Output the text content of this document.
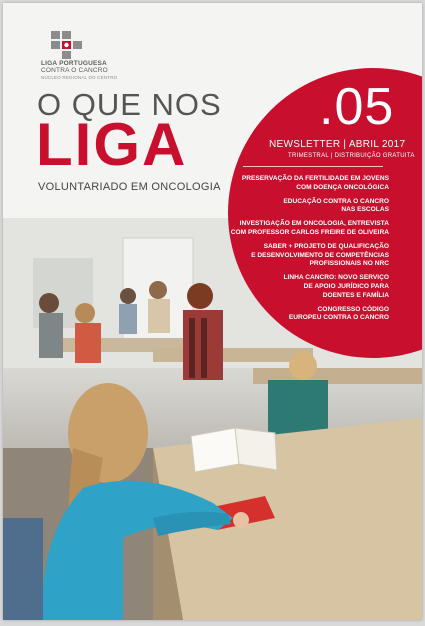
LIGA PORTUGUESA
CONTRA O CANCRO
NÚCLEO REGIONAL DO CENTRO
O QUE NOS
LIGA
VOLUNTARIADO EM ONCOLOGIA
.05
NEWSLETTER | ABRIL 2017
TRIMESTRAL | DISTRIBUIÇÃO GRATUITA
PRESERVAÇÃO DA FERTILIDADE EM JOVENS
COM DOENÇA ONCOLÓGICA
EDUCAÇÃO CONTRA O CANCRO
NAS ESCOLAS
INVESTIGAÇÃO EM ONCOLOGIA, ENTREVISTA
COM PROFESSOR CARLOS FREIRE DE OLIVEIRA
SABER + PROJETO DE QUALIFICAÇÃO
E DESENVOLVIMENTO DE COMPETÊNCIAS
PROFISSIONAIS NO NRC
LINHA CANCRO: NOVO SERVIÇO
DE APOIO JURÍDICO PARA
DOENTES E FAMÍLIA
CONGRESSO CÓDIGO
EUROPEU CONTRA O CANCRO
